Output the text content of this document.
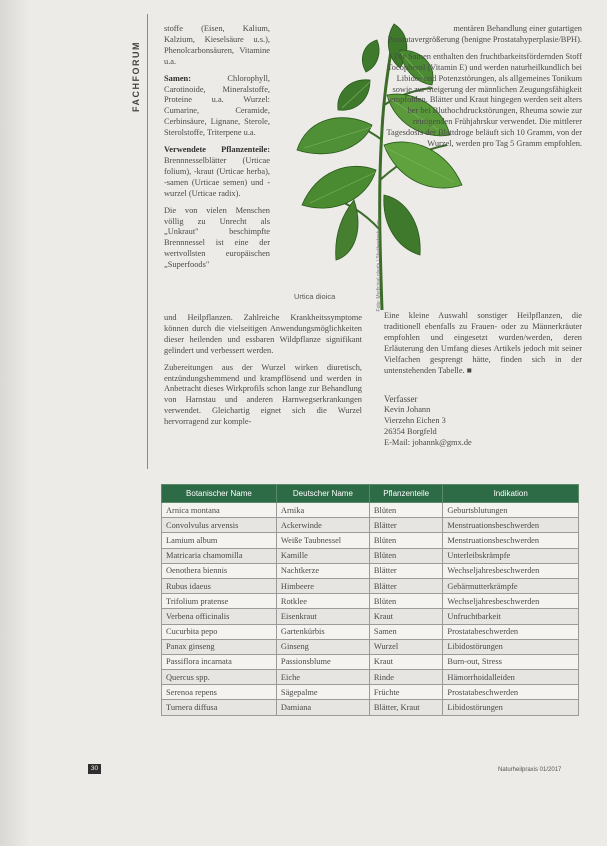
FACHFORUM

stoffe (Eisen, Kalium, Kalzium, Kieselsäure u.s.), Phenolcarbonsäuren, Vitamine u.a.

Samen: Chlorophyll, Carotinoide, Mineralstoffe, Proteine u.a. Wurzel: Cumarine, Ceramide, Cerbinsäure, Lignane, Sterole, Sterolstoffe, Triterpene u.a.

Verwendete Pflanzenteile: Brennnesselblätter (Urticae folium), -kraut (Urticae herba), -samen (Urticae semen) und -wurzel (Urticae radix).

Die von vielen Menschen völlig zu Unrecht als „Unkraut" beschimpfte Brennnessel ist eine der wertvollsten europäischen „Superfoods"

Urtica dioica	Foto: Medicinal plants / Shutterstock.com

und Heilpflanzen. Zahlreiche Krankheitssymptome können durch die vielseitigen Anwendungsmöglichkeiten dieser heilenden und essbaren Wildpflanze signifikant gelindert und verbessert werden.

Zubereitungen aus der Wurzel wirken diuretisch, entzündungshemmend und krampflösend und werden in Anbetracht dieses Wirkprofils schon lange zur Behandlung von Harnstau und anderen Harnwegserkrankungen verwendet. Gleichartig eignet sich die Wurzel hervorragend zur komple-

mentären Behandlung einer gutartigen Prostatavergrößerung (benigne Prostatahyperplasie/BPH).

Die Samen enthalten den fruchtbarkeitsfördernden Stoff Tocopherol (Vitamin E) und werden naturheilkundlich bei Libido- und Potenzstörungen, als allgemeines Tonikum sowie zur Steigerung der männlichen Zeugungsfähigkeit empfohlen. Blätter und Kraut hingegen werden seit alters her bei Bluthochdruckstörungen, Rheuma sowie zur reinigenden Frühjahrskur verwendet. Die mittlerer Tagesdosis der Blattdroge beläuft sich 10 Gramm, von der Wurzel, werden pro Tag 5 Gramm empfohlen.

Eine kleine Auswahl sonstiger Heilpflanzen, die traditionell ebenfalls zu Frauen- oder zu Männerkräuter empfohlen und eingesetzt wurden/werden, deren Erläuterung den Umfang dieses Artikels jedoch mit seiner Vielfachen gesprengt hätte, finden sich in der untenstehenden Tabelle. ■

Verfasser
Kevin Johann
Vierzehn Eichen 3
26354 Borgfeld
E-Mail: johannk@gmx.de
Botanischer Name	Deutscher Name	Pflanzenteile	Indikation
Arnica montana	Arnika	Blüten	Geburtsblutungen
Convolvulus arvensis	Ackerwinde	Blätter	Menstruationsbeschwerden
Lamium album	Weiße Taubnessel	Blüten	Menstruationsbeschwerden
Matricaria chamomilla	Kamille	Blüten	Unterleibskrämpfe
Oenothera biennis	Nachtkerze	Blätter	Wechseljahresbeschwerden
Rubus idaeus	Himbeere	Blätter	Gebärmutterkrämpfe
Trifolium pratense	Rotklee	Blüten	Wechseljahresbeschwerden
Verbena officinalis	Eisenkraut	Kraut	Unfruchtbarkeit
Cucurbita pepo	Gartenkürbis	Samen	Prostatabeschwerden
Panax ginseng	Ginseng	Wurzel	Libidostörungen
Passiflora incarnata	Passionsblume	Kraut	Burn-out, Stress
Quercus spp.	Eiche	Rinde	Hämorrhoidalleiden
Serenoa repens	Sägepalme	Früchte	Prostatabeschwerden
Turnera diffusa	Damiana	Blätter, Kraut	Libidostörungen
30	Naturheilpraxis 01/2017
